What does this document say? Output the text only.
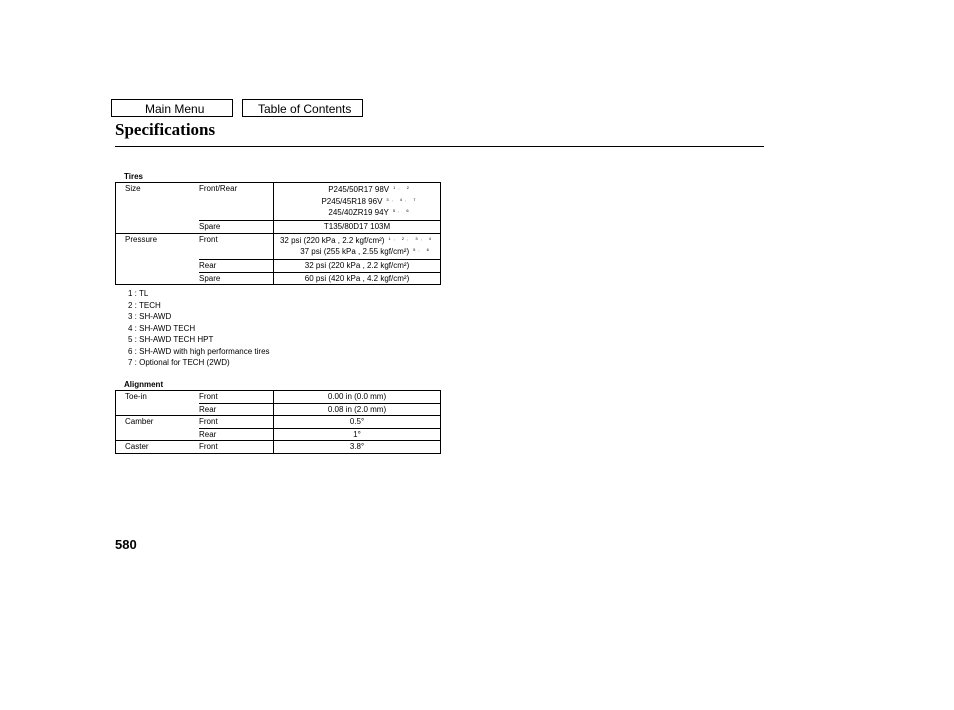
Main Menu	Table of Contents
Specifications
Tires
Size	Front/Rear	P245/50R17 98V $^{1, 2}$
P245/45R18 96V $^{3, 4, 7}$
245/40ZR19 94Y $^{5, 6}$

	Spare	T135/80D17 103M
Pressure	Front	32 psi (220 kPa , 2.2 kgf/cm²) $^{1, 2, 3, 4}$
37 psi (255 kPa , 2.55 kgf/cm²) $^{5, 6}$

	Rear	32 psi (220 kPa , 2.2 kgf/cm²)
	Spare	60 psi (420 kPa , 4.2 kgf/cm²)
1 : TL
2 : TECH
3 : SH-AWD
4 : SH-AWD TECH
5 : SH-AWD TECH HPT
6 : SH-AWD with high performance tires
7 : Optional for TECH (2WD)
Alignment
Toe-in	Front	0.00 in (0.0 mm)
	Rear	0.08 in (2.0 mm)
Camber	Front	0.5°
	Rear	1°
Caster	Front	3.8°
580
